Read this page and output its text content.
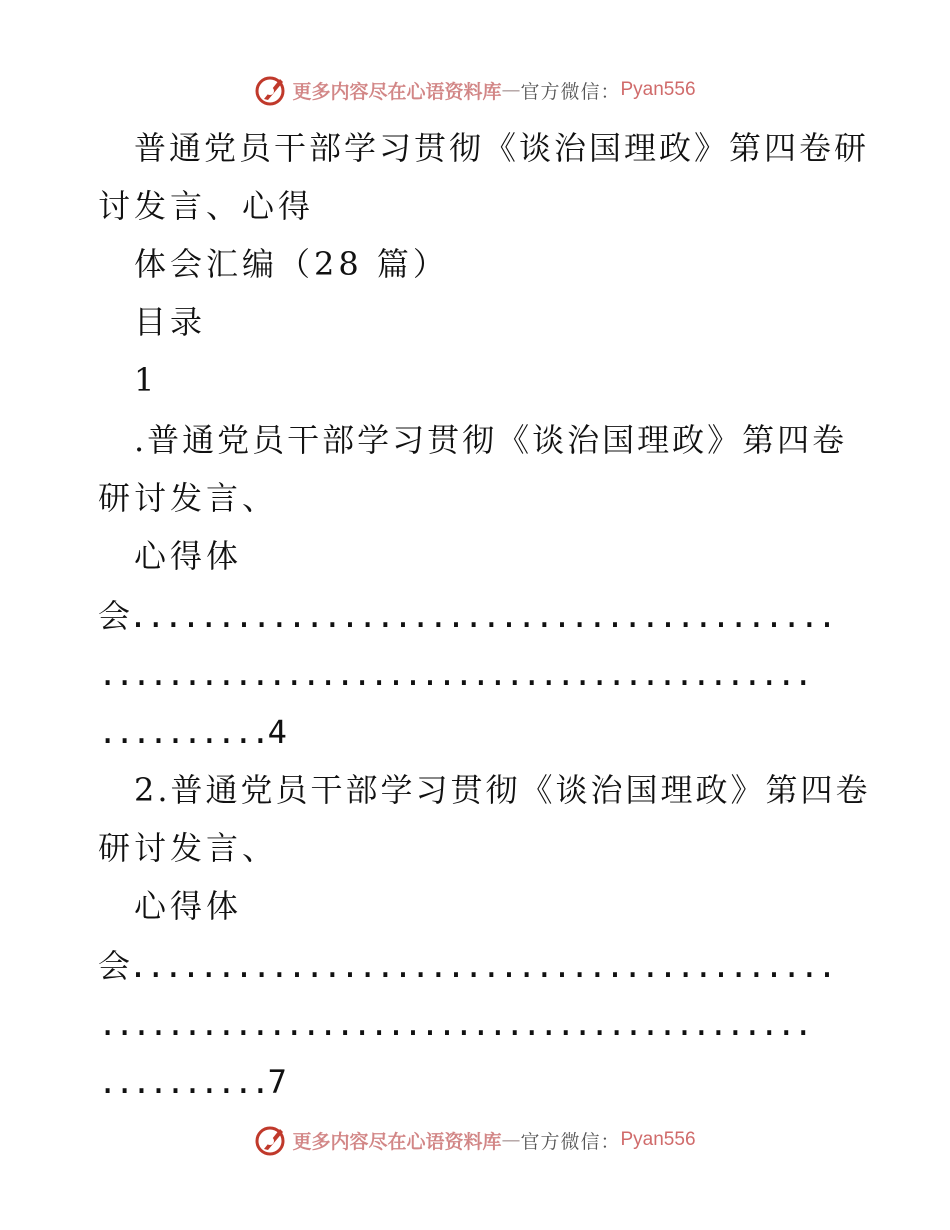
更多内容尽在心语资料库 — 官方微信： Pyan556
普通党员干部学习贯彻《谈治国理政》第四卷研
讨发言、心得
体会汇编（28 篇）
目录
1
.普通党员干部学习贯彻《谈治国理政》第四卷
研讨发言、
心得体
会........................................
..........................................
..........4
2.普通党员干部学习贯彻《谈治国理政》第四卷
研讨发言、
心得体
会........................................
..........................................
..........7
更多内容尽在心语资料库 — 官方微信： Pyan556
